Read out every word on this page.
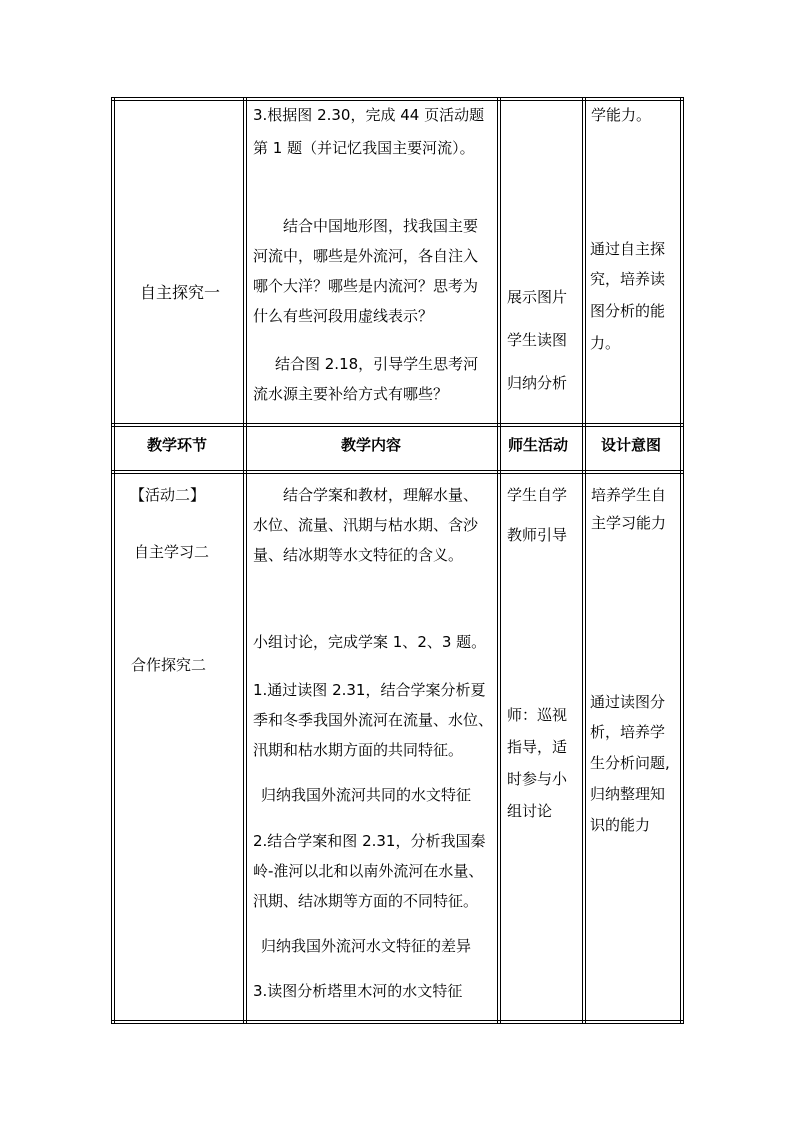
自主探究一
3.根据图 2.30，完成 44 页活动题
第 1 题（并记忆我国主要河流）。
结合中国地形图，找我国主要
河流中，哪些是外流河，各自注入
哪个大洋？哪些是内流河？思考为
什么有些河段用虚线表示？
结合图 2.18，引导学生思考河
流水源主要补给方式有哪些？
展示图片
学生读图
归纳分析
学能力。
通过自主探
究，培养读
图分析的能
力。
教学环节	教学内容	师生活动 设计意图
【活动二】
自主学习二
合作探究二
结合学案和教材，理解水量、
水位、流量、汛期与枯水期、含沙
量、结冰期等水文特征的含义。
小组讨论，完成学案 1、2、3 题。
1.通过读图 2.31，结合学案分析夏
季和冬季我国外流河在流量、水位、
汛期和枯水期方面的共同特征。
归纳我国外流河共同的水文特征
2.结合学案和图 2.31，分析我国秦
岭-淮河以北和以南外流河在水量、
汛期、结冰期等方面的不同特征。
归纳我国外流河水文特征的差异
3.读图分析塔里木河的水文特征
学生自学
教师引导
师：巡视
指导，适
时参与小
组讨论
培养学生自
主学习能力
通过读图分
析，培养学
生分析问题,
归纳整理知
识的能力
